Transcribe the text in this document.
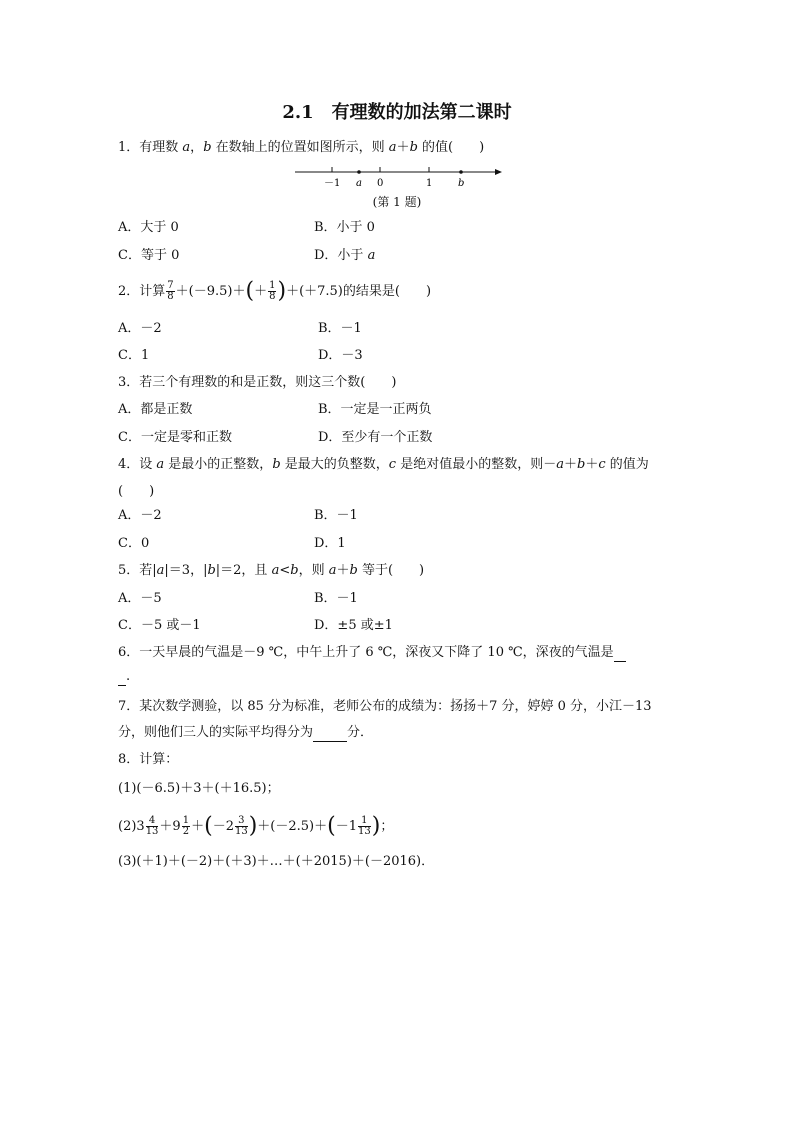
2.1　有理数的加法第二课时
1．有理数 a，b 在数轴上的位置如图所示，则 a＋b 的值(　　)
－1 a 0	1	b
(第 1 题)
A．大于 0	B．小于 0
C．等于 0	D．小于 a
2．计算 $\frac{7}{8} +(-9.5)+(+ \frac{1}{8} )+(+7.5)$的结果是(　　)
A．－2	B．－1
C．1	D．－3
3．若三个有理数的和是正数，则这三个数(　　)
A．都是正数	B．一定是一正两负
C．一定是零和正数	D．至少有一个正数
4．设 a 是最小的正整数，b 是最大的负整数，c 是绝对值最小的整数，则－a＋b＋c 的值为
(　　)
A．－2	B．－1
C．0	D．1
5．若|a|＝3，|b|＝2，且 a<b，则 a＋b 等于(　　)
A．－5	B．－1
C．－5 或－1	D．±5 或±1
6．一天早晨的气温是－9 ℃，中午上升了 6 ℃，深夜又下降了 10 ℃，深夜的气温是
.
7．某次数学测验，以 85 分为标准，老师公布的成绩为：扬扬＋7 分，婷婷 0 分，小江－13
分，则他们三人的实际平均得分为	分．
8．计算：
(1)(－6.5)＋3＋(＋16.5)；
$(2)3 \frac{4}{13} +9 \frac{1}{2} +(-2 \frac{3}{13} )+(-2.5)+(-1 \frac{1}{13}$ )；
(3)(＋1)＋(－2)＋(＋3)＋…＋(＋2015)＋(－2016)．
